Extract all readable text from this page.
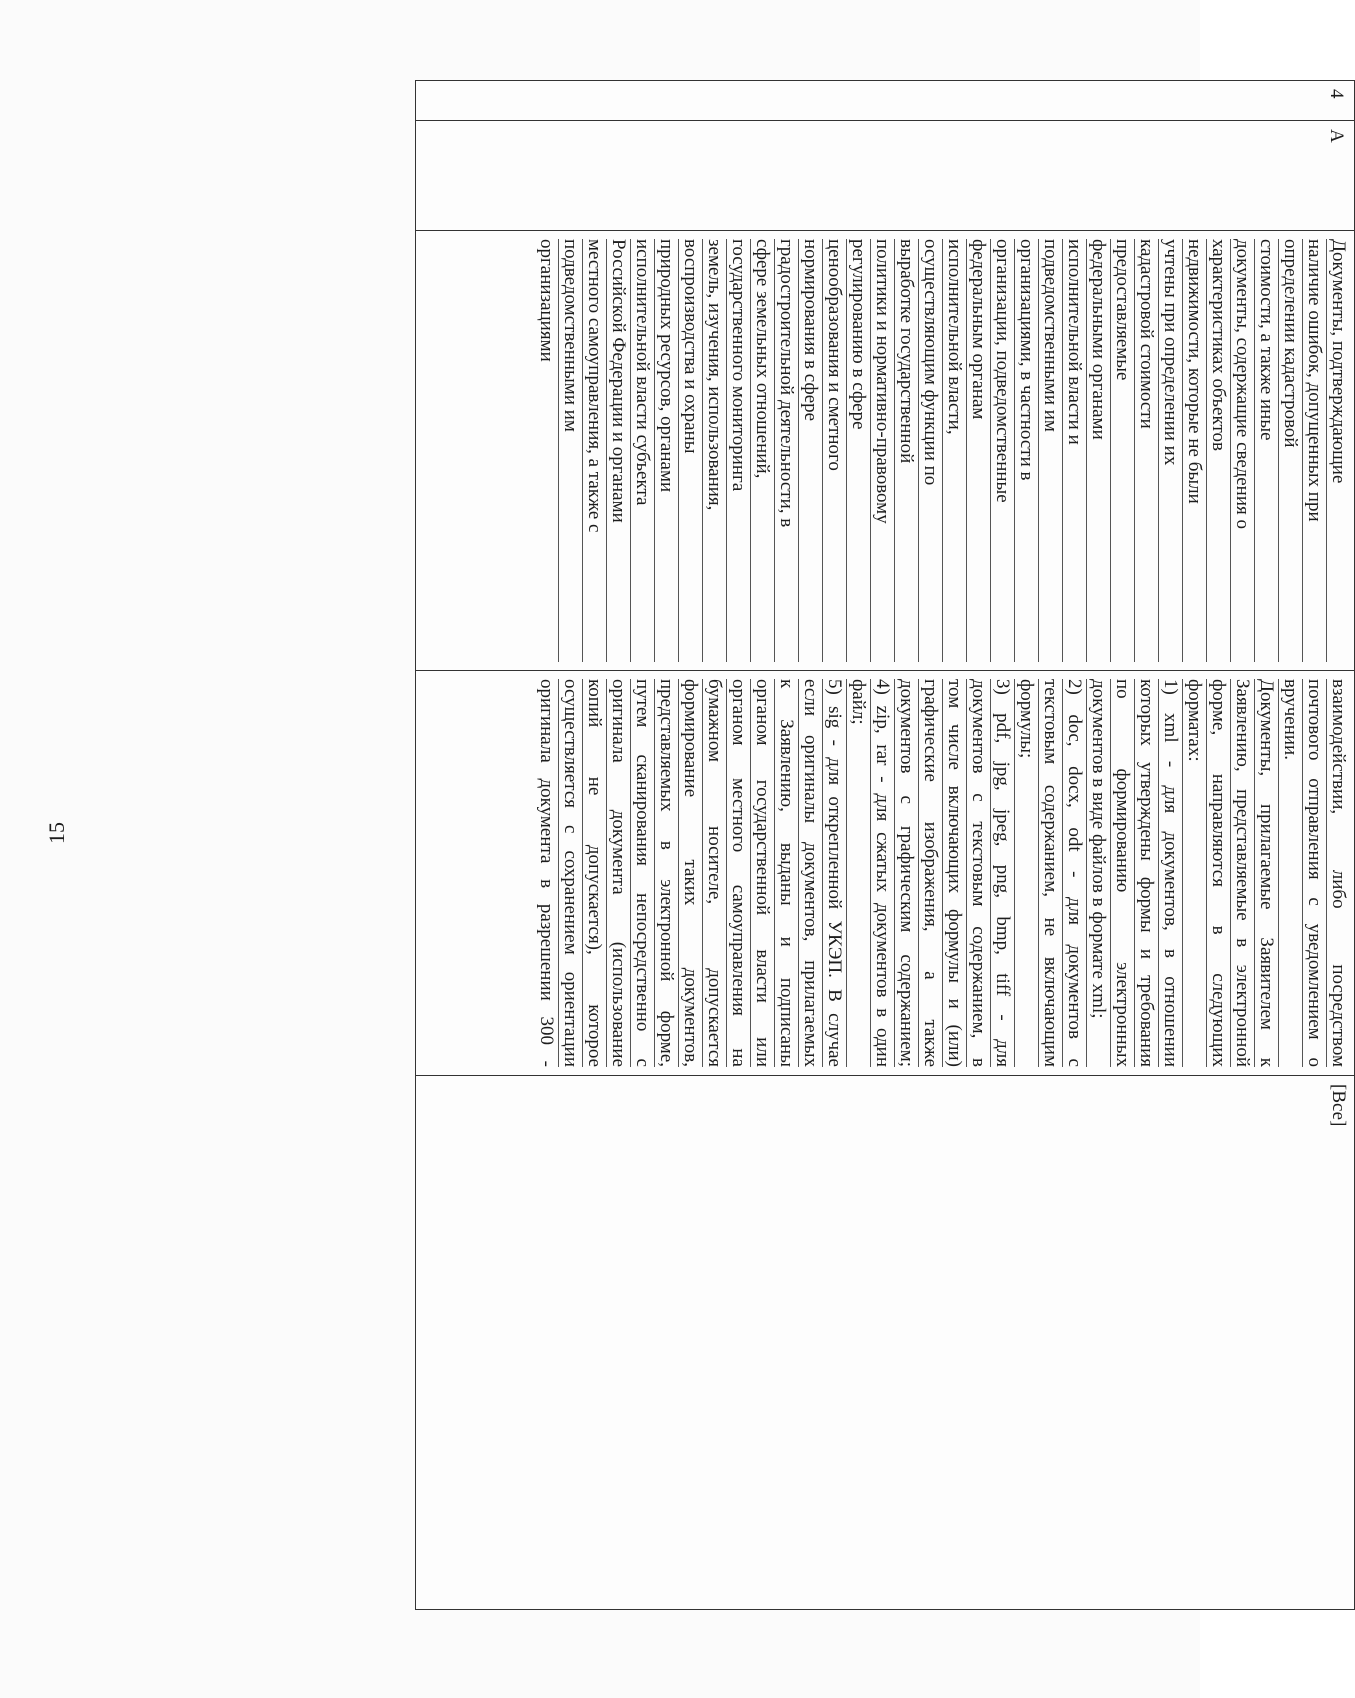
15
4
А
Документы, подтверждающие
наличие ошибок, допущенных при
определении кадастровой
стоимости, а также иные
документы, содержащие сведения о
характеристиках объектов
недвижимости, которые не были
учтены при определении их
кадастровой стоимости
предоставляемые
федеральными органами
исполнительной власти и
подведомственными им
организациями, в частности в
организации, подведомственные
федеральным органам
исполнительной власти,
осуществляющим функции по
выработке государственной
политики и нормативно-правовому
регулированию в сфере
ценообразования и сметного
нормирования в сфере
градостроительной деятельности, в
сфере земельных отношений,
государственного мониторинга
земель, изучения, использования,
воспроизводства и охраны
природных ресурсов, органами
исполнительной власти субъекта
Российской Федерации и органами
местного самоуправления, а также с
подведомственными им
организациями
взаимодействии, либо посредством
почтового отправления с уведомлением о
вручении.
Документы, прилагаемые Заявителем к
Заявлению, представляемые в электронной
форме, направляются в следующих
форматах:
1) xml - для документов, в отношении
которых утверждены формы и требования
по формированию электронных
документов в виде файлов в формате xml;
2) doc, docx, odt - для документов с
текстовым содержанием, не включающим
формулы;
3) pdf, jpg, jpeg, png, bmp, tiff - для
документов с текстовым содержанием, в
том числе включающих формулы и (или)
графические изображения, а также
документов с графическим содержанием;
4) zip, rar - для сжатых документов в один
файл;
5) sig - для открепленной УКЭП. В случае
если оригиналы документов, прилагаемых
к Заявлению, выданы и подписаны
органом государственной власти или
органом местного самоуправления на
бумажном носителе, допускается
формирование таких документов,
представляемых в электронной форме,
путем сканирования непосредственно с
оригинала документа (использование
копий не допускается), которое
осуществляется с сохранением ориентации
оригинала документа в разрешении 300 -
[Все]
